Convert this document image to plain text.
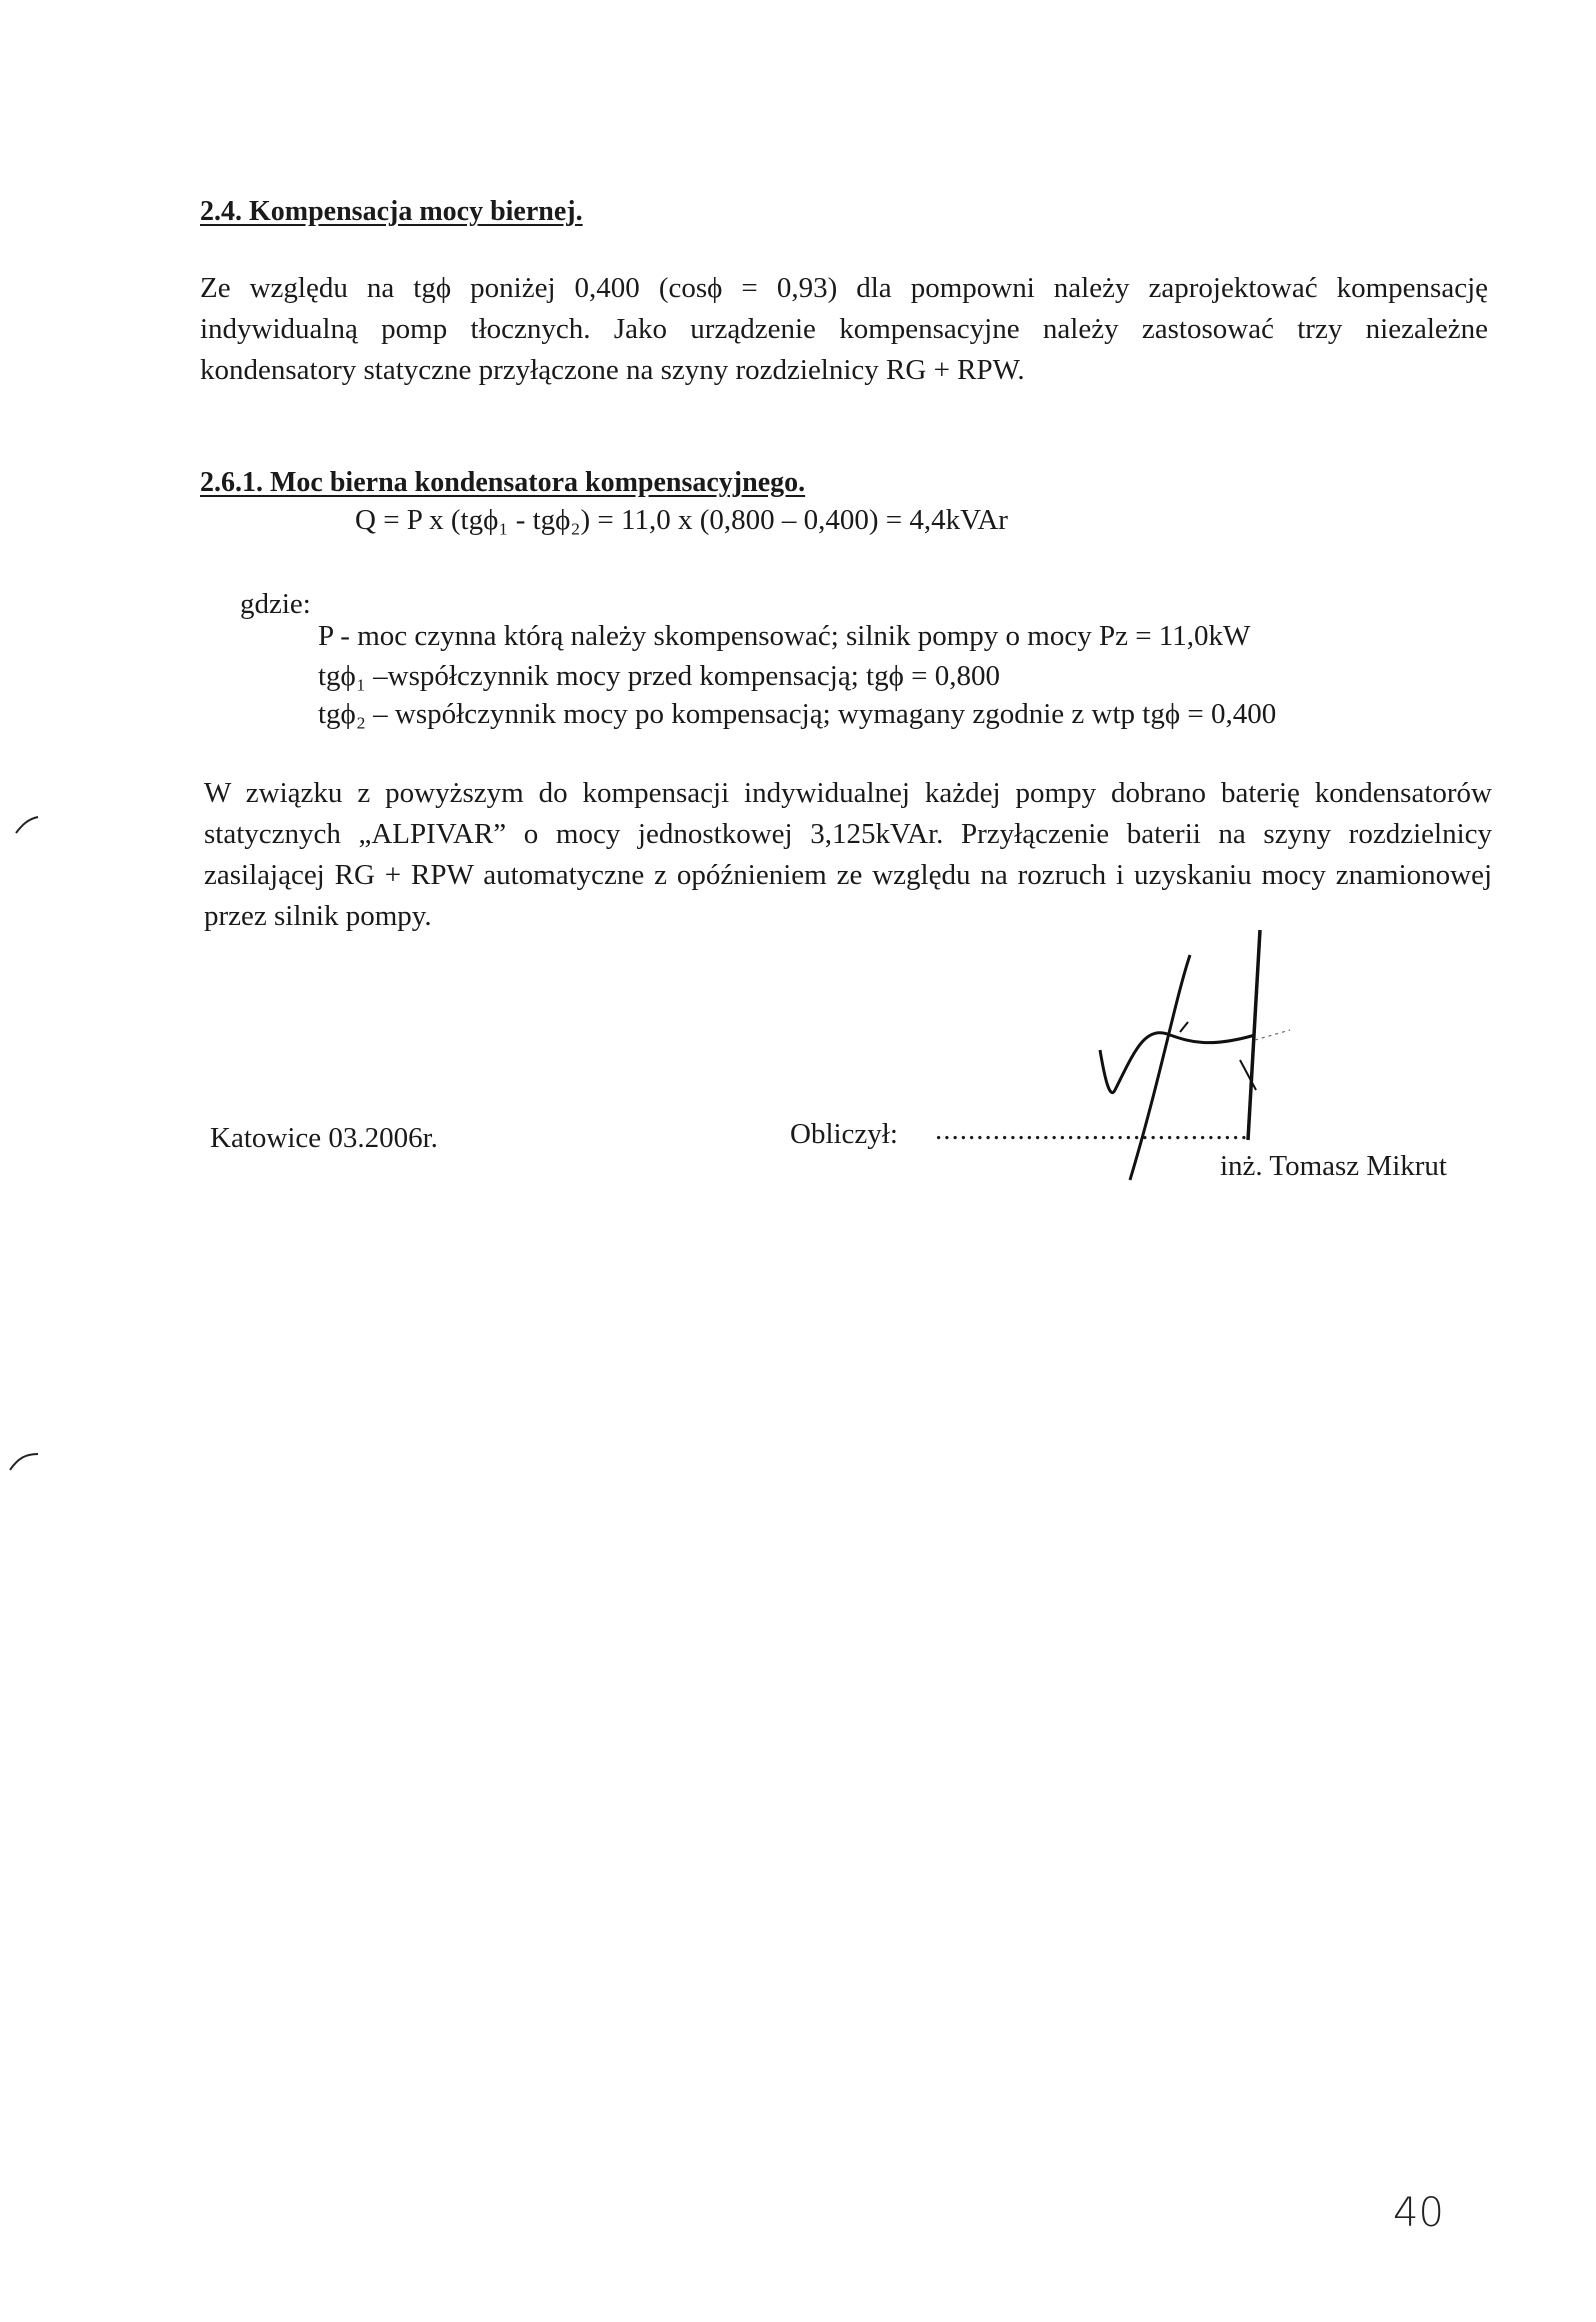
2.4. Kompensacja mocy biernej.
Ze względu na tgϕ poniżej 0,400 (cosϕ = 0,93) dla pompowni należy zaprojektować kompensację indywidualną pomp tłocznych. Jako urządzenie kompensacyjne należy zastosować trzy niezależne kondensatory statyczne przyłączone na szyny rozdzielnicy RG + RPW.
2.6.1. Moc bierna kondensatora kompensacyjnego.
Q = P x (tgϕ₁ - tgϕ₂) = 11,0 x (0,800 – 0,400) = 4,4kVAr
gdzie:
P - moc czynna którą należy skompensować; silnik pompy o mocy Pᴢ = 11,0kW
tgϕ₁ –współczynnik mocy przed kompensacją; tgϕ = 0,800
tgϕ₂ – współczynnik mocy po kompensacją; wymagany zgodnie z wtp tgϕ = 0,400
W związku z powyższym do kompensacji indywidualnej każdej pompy dobrano baterię kondensatorów statycznych „ALPIVAR” o mocy jednostkowej 3,125kVAr. Przyłączenie baterii na szyny rozdzielnicy zasilającej RG + RPW automatyczne z opóźnieniem ze względu na rozruch i uzyskaniu mocy znamionowej przez silnik pompy.
Katowice 03.2006r.	Obliczył: ......................................
inż. Tomasz Mikrut
40
